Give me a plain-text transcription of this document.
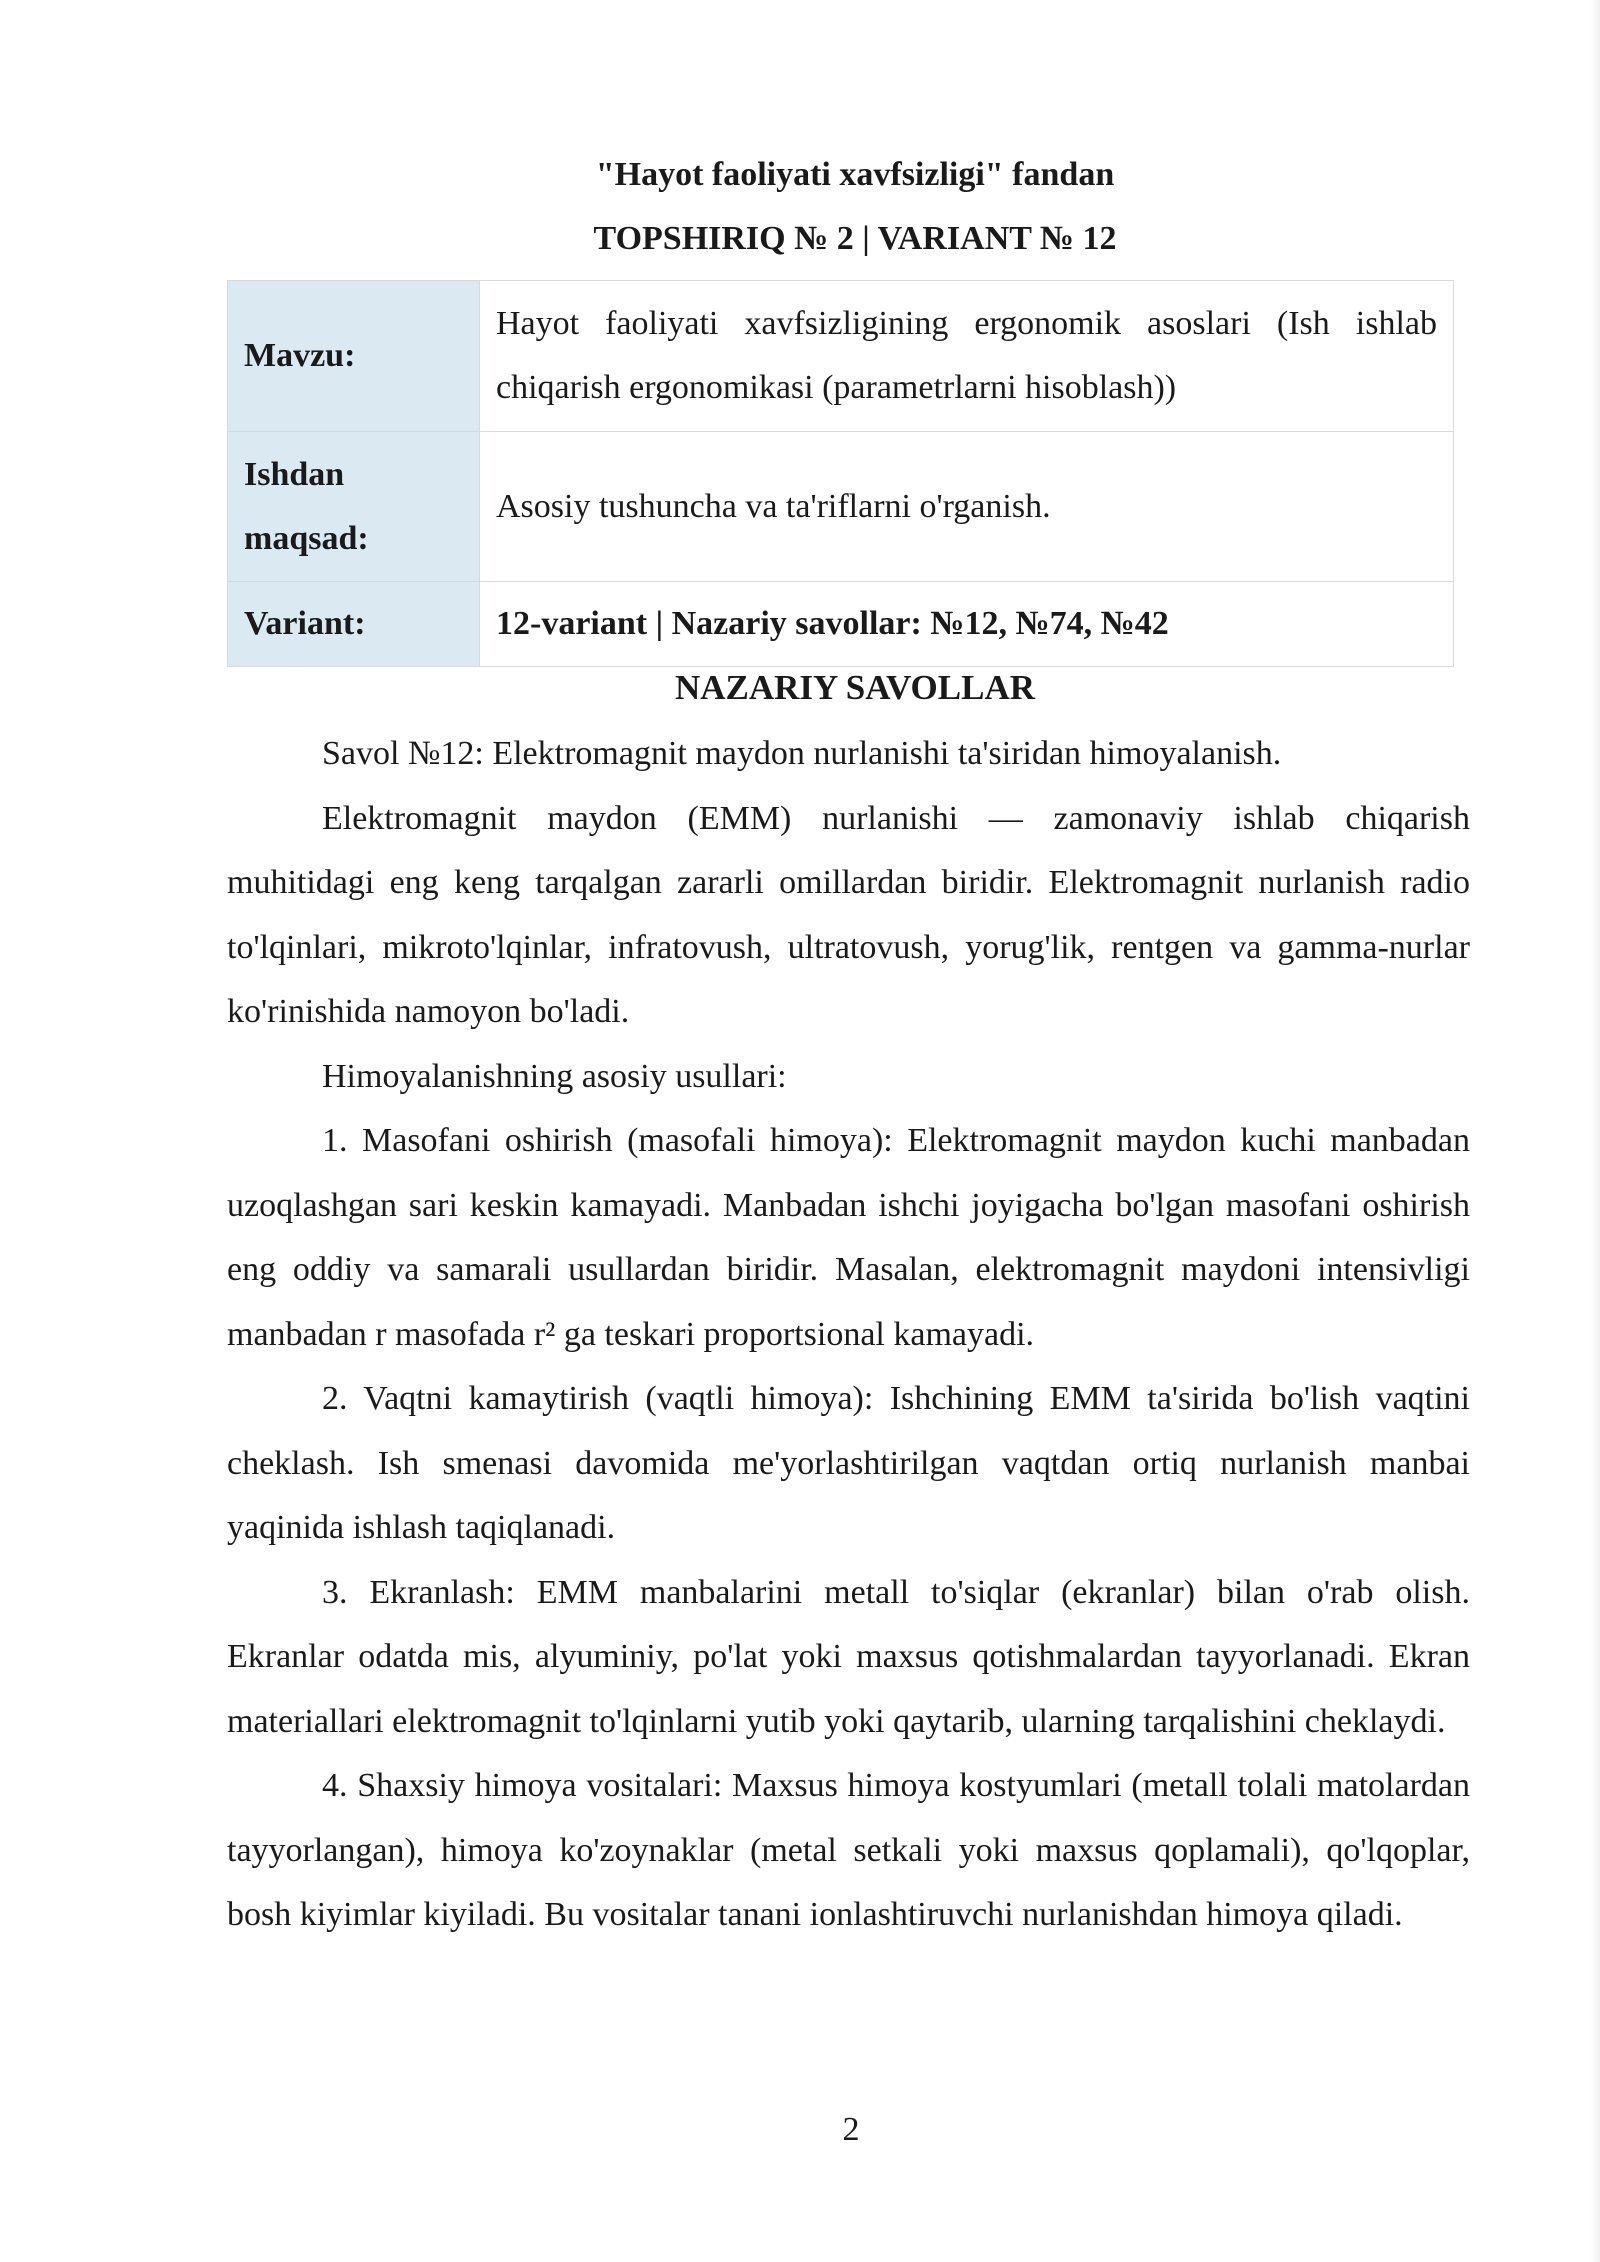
"Hayot faoliyati xavfsizligi" fandan
TOPSHIRIQ № 2 | VARIANT № 12
Mavzu:	Hayot faoliyati xavfsizligining ergonomik asoslari (Ish ishlab chiqarish ergonomikasi (parametrlarni hisoblash))
Ishdan maqsad:	Asosiy tushuncha va ta'riflarni o'rganish.
Variant:	12-variant | Nazariy savollar: №12, №74, №42
NAZARIY SAVOLLAR

Savol №12: Elektromagnit maydon nurlanishi ta'siridan himoyalanish.

Elektromagnit maydon (EMM) nurlanishi — zamonaviy ishlab chiqarish muhitidagi eng keng tarqalgan zararli omillardan biridir. Elektromagnit nurlanish radio to'lqinlari, mikroto'lqinlar, infratovush, ultratovush, yorug'lik, rentgen va gamma-nurlar ko'rinishida namoyon bo'ladi.

Himoyalanishning asosiy usullari:

1. Masofani oshirish (masofali himoya): Elektromagnit maydon kuchi manbadan uzoqlashgan sari keskin kamayadi. Manbadan ishchi joyigacha bo'lgan masofani oshirish eng oddiy va samarali usullardan biridir. Masalan, elektromagnit maydoni intensivligi manbadan r masofada r² ga teskari proportsional kamayadi.

2. Vaqtni kamaytirish (vaqtli himoya): Ishchining EMM ta'sirida bo'lish vaqtini cheklash. Ish smenasi davomida me'yorlashtirilgan vaqtdan ortiq nurlanish manbai yaqinida ishlash taqiqlanadi.

3. Ekranlash: EMM manbalarini metall to'siqlar (ekranlar) bilan o'rab olish. Ekranlar odatda mis, alyuminiy, po'lat yoki maxsus qotishmalardan tayyorlanadi. Ekran materiallari elektromagnit to'lqinlarni yutib yoki qaytarib, ularning tarqalishini cheklaydi.

4. Shaxsiy himoya vositalari: Maxsus himoya kostyumlari (metall tolali matolardan tayyorlangan), himoya ko'zoynaklar (metal setkali yoki maxsus qoplamali), qo'lqoplar, bosh kiyimlar kiyiladi. Bu vositalar tanani ionlashtiruvchi nurlanishdan himoya qiladi.

2
